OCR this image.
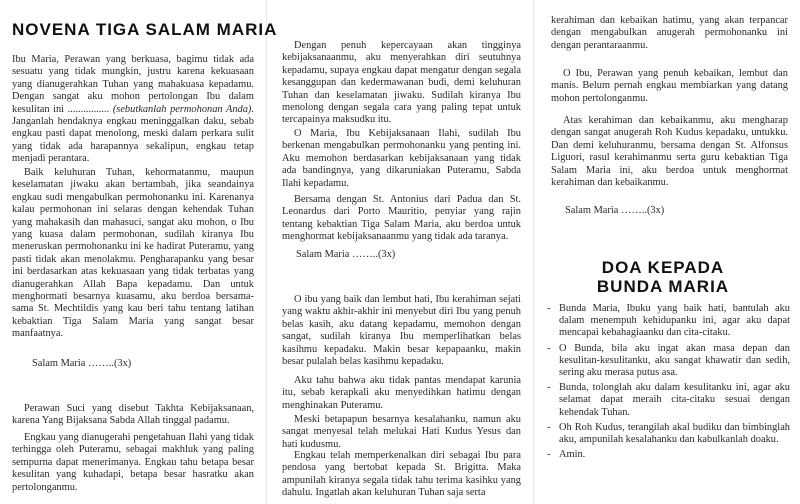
NOVENA TIGA SALAM MARIA

Ibu Maria, Perawan yang berkuasa, bagimu tidak ada sesuatu yang tidak mungkin, justru karena kekuasaan yang dianugerahkan Tuhan yang mahakuasa kepadamu. Dengan sangat aku mohon pertolongan Ibu dalam kesulitan ini ................ (sebutkanlah permohonan Anda). Janganlah hendaknya engkau meninggalkan daku, sebab engkau pasti dapat menolong, meski dalam perkara sulit yang tidak ada harapannya sekalipun, engkau tetap menjadi perantara.

Baik keluhuran Tuhan, kehormatanmu, maupun keselamatan jiwaku akan bertambah, jika seandainya engkau sudi mengabulkan permohonanku ini. Karenanya kalau permohonan ini selaras dengan kehendak Tuhan yang mahakasih dan mahasuci, sangat aku mohon, o Ibu yang kuasa dalam permohonan, sudilah kiranya Ibu meneruskan permohonanku ini ke hadirat Puteramu, yang pasti tidak akan menolakmu. Pengharapanku yang besar ini berdasarkan atas kekuasaan yang tidak terbatas yang dianugerahkan Allah Bapa kepadamu. Dan untuk menghormati besarnya kuasamu, aku berdoa bersama-sama St. Mechtildis yang kau beri tahu tentang latihan kebaktian Tiga Salam Maria yang sangat besar manfaatnya.

Salam Maria ……..(3x)

Perawan Suci yang disebut Takhta Kebijaksanaan, karena Yang Bijaksana Sabda Allah tinggal padamu.

Engkau yang dianugerahi pengetahuan Ilahi yang tidak terhingga oleh Puteramu, sebagai makhluk yang paling sempurna dapat menerimanya. Engkau tahu betapa besar kesulitan yang kuhadapi, betapa besar hasratku akan pertolonganmu.

Dengan penuh kepercayaan akan tingginya kebijaksanaanmu, aku menyerahkan diri seutuhnya kepadamu, supaya engkau dapat mengatur dengan segala kesanggupan dan kedermawanan budi, demi keluhuran Tuhan dan keselamatan jiwaku. Sudilah kiranya Ibu menolong dengan segala cara yang paling tepat untuk tercapainya maksudku itu.

O Maria, Ibu Kebijaksanaan Ilahi, sudilah Ibu berkenan mengabulkan permohonanku yang penting ini. Aku memohon berdasarkan kebijaksanaan yang tidak ada bandingnya, yang dikaruniakan Puteramu, Sabda Ilahi kepadamu.

Bersama dengan St. Antonius dari Padua dan St. Leonardus dari Porto Mauritio, penyiar yang rajin tentang kebaktian Tiga Salam Maria, aku berdoa untuk menghormat kebijaksanaanmu yang tidak ada taranya.

Salam Maria ……..(3x)

O ibu yang baik dan lembut hati, Ibu kerahiman sejati yang waktu akhir-akhir ini menyebut diri Ibu yang penuh belas kasih, aku datang kepadamu, memohon dengan sangat, sudilah kiranya Ibu memperlihatkan belas kasihmu kepadaku. Makin besar kepapaanku, makin besar pulalah belas kasihmu kepadaku.

Aku tahu bahwa aku tidak pantas mendapat karunia itu, sebab kerapkali aku menyedihkan hatimu dengan menghinakan Puteramu.

Meski betapapun besarnya kesalahanku, namun aku sangat menyesal telah melukai Hati Kudus Yesus dan hati kudusmu.

Engkau telah memperkenalkan diri sebagai Ibu para pendosa yang bertobat kepada St. Brigitta. Maka ampunilah kiranya segala tidak tahu terima kasihku yang dahulu. Ingatlah akan keluhuran Tuhan saja serta

kerahiman dan kebaikan hatimu, yang akan terpancar dengan mengabulkan anugerah permohonanku ini dengan perantaraanmu.

O Ibu, Perawan yang penuh kebaikan, lembut dan manis. Belum pernah engkau membiarkan yang datang mohon pertolonganmu.

Atas kerahiman dan kebaikanmu, aku mengharap dengan sangat anugerah Roh Kudus kepadaku, untukku. Dan demi keluhuranmu, bersama dengan St. Alfonsus Liguori, rasul kerahimanmu serta guru kebaktian Tiga Salam Maria ini, aku berdoa untuk menghormat kerahiman dan kebaikanmu.

Salam Maria ……..(3x)

DOA KEPADA
BUNDA MARIA
- Bunda Maria, Ibuku yang baik hati, bantulah aku dalam menempuh kehidupanku ini, agar aku dapat mencapai kebahagiaanku dan cita-citaku.
- O Bunda, bila aku ingat akan masa depan dan kesulitan-kesulitanku, aku sangat khawatir dan sedih, sering aku merasa putus asa.
- Bunda, tolonglah aku dalam kesulitanku ini, agar aku selamat dapat meraih cita-citaku sesuai dengan kehendak Tuhan.
- Oh Roh Kudus, terangilah akal budiku dan bimbinglah aku, ampunilah kesalahanku dan kabulkanlah doaku.
- Amin.
